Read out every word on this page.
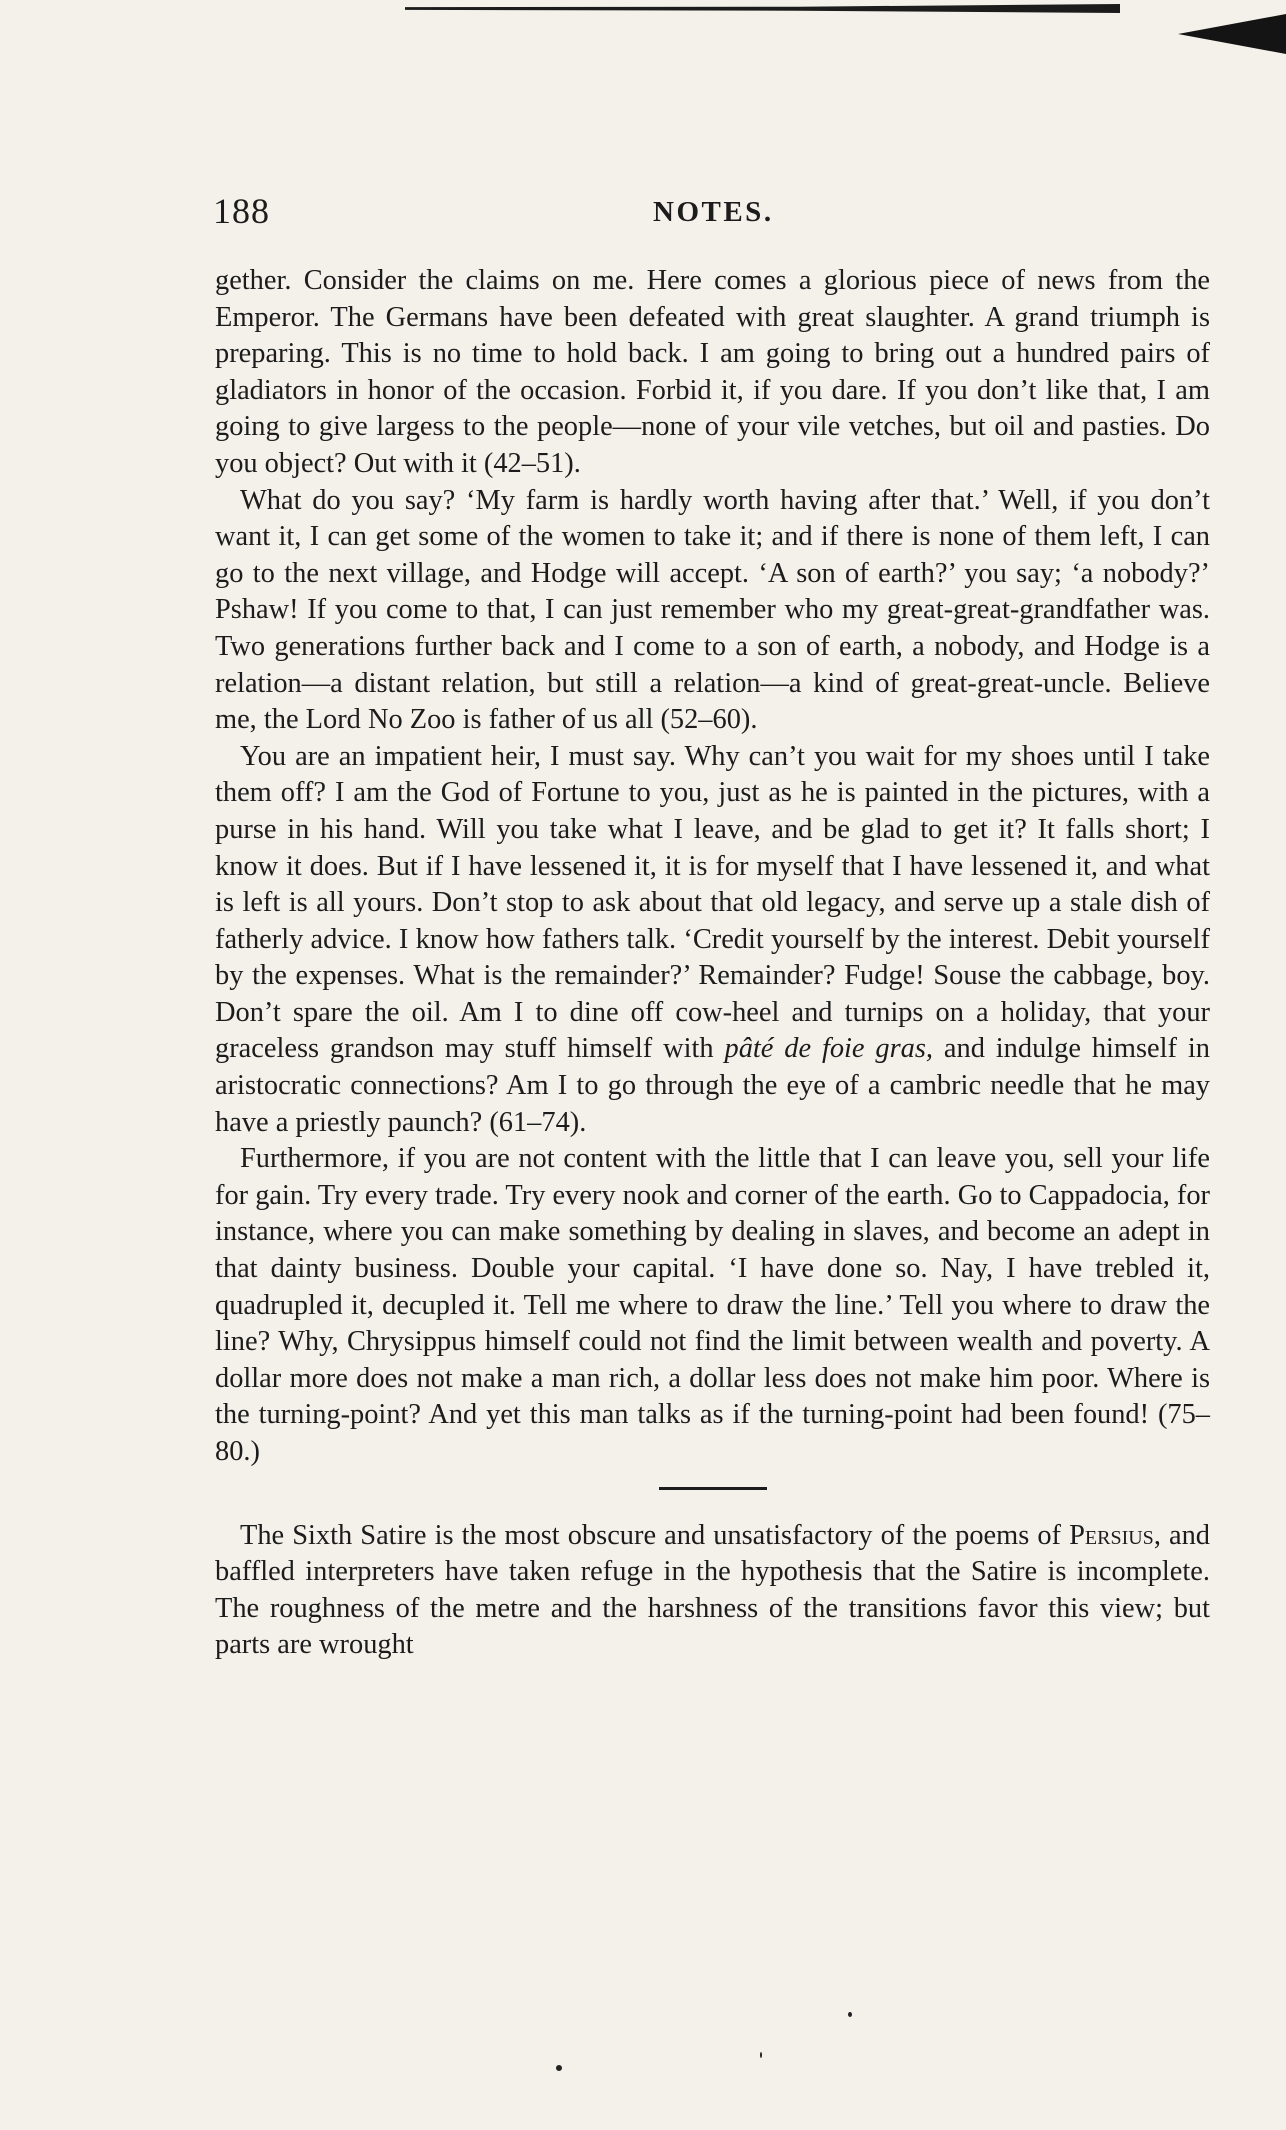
188	NOTES.

gether. Consider the claims on me. Here comes a glorious piece of news from the Emperor. The Germans have been defeated with great slaughter. A grand triumph is preparing. This is no time to hold back. I am going to bring out a hundred pairs of gladiators in honor of the occasion. Forbid it, if you dare. If you don’t like that, I am going to give largess to the people—none of your vile vetches, but oil and pasties. Do you object? Out with it (42–51).

What do you say? ‘My farm is hardly worth having after that.’ Well, if you don’t want it, I can get some of the women to take it; and if there is none of them left, I can go to the next village, and Hodge will accept. ‘A son of earth?’ you say; ‘a nobody?’ Pshaw! If you come to that, I can just remember who my great-great-grandfather was. Two generations further back and I come to a son of earth, a nobody, and Hodge is a relation—a distant relation, but still a relation—a kind of great-great-uncle. Believe me, the Lord No Zoo is father of us all (52–60).

You are an impatient heir, I must say. Why can’t you wait for my shoes until I take them off? I am the God of Fortune to you, just as he is painted in the pictures, with a purse in his hand. Will you take what I leave, and be glad to get it? It falls short; I know it does. But if I have lessened it, it is for myself that I have lessened it, and what is left is all yours. Don’t stop to ask about that old legacy, and serve up a stale dish of fatherly advice. I know how fathers talk. ‘Credit yourself by the interest. Debit yourself by the expenses. What is the remainder?’ Remainder? Fudge! Souse the cabbage, boy. Don’t spare the oil. Am I to dine off cow-heel and turnips on a holiday, that your graceless grandson may stuff himself with pâté de foie gras, and indulge himself in aristocratic connections? Am I to go through the eye of a cambric needle that he may have a priestly paunch? (61–74).

Furthermore, if you are not content with the little that I can leave you, sell your life for gain. Try every trade. Try every nook and corner of the earth. Go to Cappadocia, for instance, where you can make something by dealing in slaves, and become an adept in that dainty business. Double your capital. ‘I have done so. Nay, I have trebled it, quadrupled it, decupled it. Tell me where to draw the line.’ Tell you where to draw the line? Why, Chrysippus himself could not find the limit between wealth and poverty. A dollar more does not make a man rich, a dollar less does not make him poor. Where is the turning-point? And yet this man talks as if the turning-point had been found! (75–80.)

The Sixth Satire is the most obscure and unsatisfactory of the poems of Persius, and baffled interpreters have taken refuge in the hypothesis that the Satire is incomplete. The roughness of the metre and the harshness of the transitions favor this view; but parts are wrought
